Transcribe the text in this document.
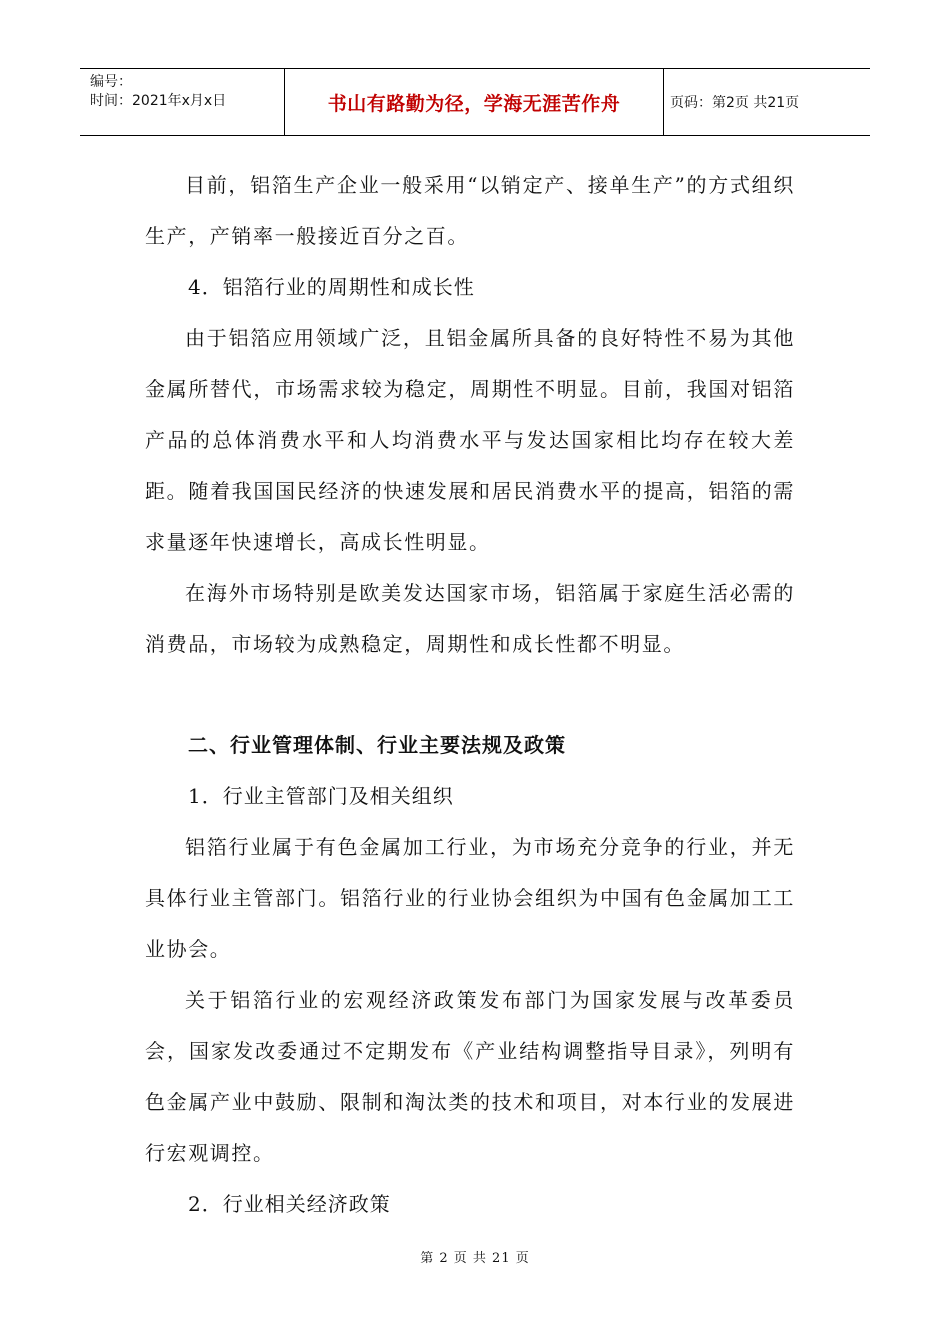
编号：
时间：2021年x月x日	书山有路勤为径，学海无涯苦作舟	页码：第2页 共21页

目前，铝箔生产企业一般采用“以销定产、接单生产”的方式组织生产，产销率一般接近百分之百。

4．铝箔行业的周期性和成长性

由于铝箔应用领域广泛，且铝金属所具备的良好特性不易为其他金属所替代，市场需求较为稳定，周期性不明显。目前，我国对铝箔产品的总体消费水平和人均消费水平与发达国家相比均存在较大差距。随着我国国民经济的快速发展和居民消费水平的提高，铝箔的需求量逐年快速增长，高成长性明显。

在海外市场特别是欧美发达国家市场，铝箔属于家庭生活必需的消费品，市场较为成熟稳定，周期性和成长性都不明显。

二、行业管理体制、行业主要法规及政策

1．行业主管部门及相关组织

铝箔行业属于有色金属加工行业，为市场充分竞争的行业，并无具体行业主管部门。铝箔行业的行业协会组织为中国有色金属加工工业协会。

关于铝箔行业的宏观经济政策发布部门为国家发展与改革委员会，国家发改委通过不定期发布《产业结构调整指导目录》，列明有色金属产业中鼓励、限制和淘汰类的技术和项目，对本行业的发展进行宏观调控。

2．行业相关经济政策

第 2 页 共 21 页
